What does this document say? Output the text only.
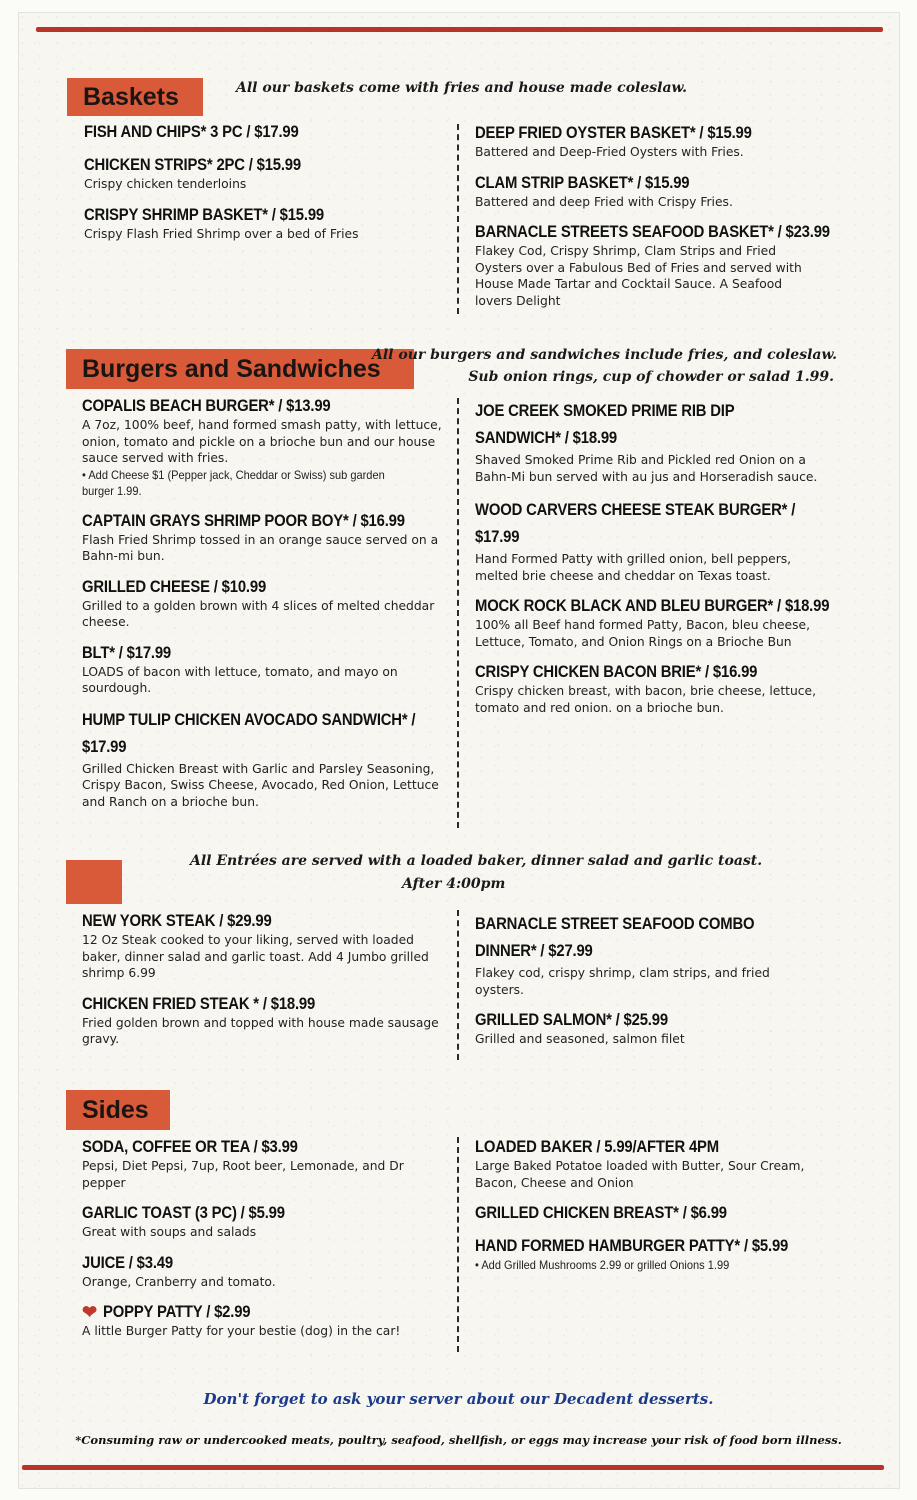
Baskets	All our baskets come with fries and house made coleslaw.
FISH AND CHIPS* 3 PC / $17.99
CHICKEN STRIPS* 2PC / $15.99
Crispy chicken tenderloins
CRISPY SHRIMP BASKET* / $15.99
Crispy Flash Fried Shrimp over a bed of Fries
DEEP FRIED OYSTER BASKET* / $15.99
Battered and Deep-Fried Oysters with Fries.
CLAM STRIP BASKET* / $15.99
Battered and deep Fried with Crispy Fries.
BARNACLE STREETS SEAFOOD BASKET* / $23.99
Flakey Cod, Crispy Shrimp, Clam Strips and Fried Oysters over a Fabulous Bed of Fries and served with House Made Tartar and Cocktail Sauce. A Seafood lovers Delight
Burgers and Sandwiches
All our burgers and sandwiches include fries, and coleslaw.
Sub onion rings, cup of chowder or salad 1.99.
COPALIS BEACH BURGER* / $13.99
A 7oz, 100% beef, hand formed smash patty, with lettuce, onion, tomato and pickle on a brioche bun and our house sauce served with fries.
• Add Cheese $1 (Pepper jack, Cheddar or Swiss) sub garden burger 1.99.
CAPTAIN GRAYS SHRIMP POOR BOY* / $16.99
Flash Fried Shrimp tossed in an orange sauce served on a Bahn-mi bun.
GRILLED CHEESE / $10.99
Grilled to a golden brown with 4 slices of melted cheddar cheese.
BLT* / $17.99
LOADS of bacon with lettuce, tomato, and mayo on sourdough.
HUMP TULIP CHICKEN AVOCADO SANDWICH* / $17.99
Grilled Chicken Breast with Garlic and Parsley Seasoning, Crispy Bacon, Swiss Cheese, Avocado, Red Onion, Lettuce and Ranch on a brioche bun.
JOE CREEK SMOKED PRIME RIB DIP SANDWICH* / $18.99
Shaved Smoked Prime Rib and Pickled red Onion on a Bahn-Mi bun served with au jus and Horseradish sauce.
WOOD CARVERS CHEESE STEAK BURGER* / $17.99
Hand Formed Patty with grilled onion, bell peppers, melted brie cheese and cheddar on Texas toast.
MOCK ROCK BLACK AND BLEU BURGER* / $18.99
100% all Beef hand formed Patty, Bacon, bleu cheese, Lettuce, Tomato, and Onion Rings on a Brioche Bun
CRISPY CHICKEN BACON BRIE* / $16.99
Crispy chicken breast, with bacon, brie cheese, lettuce, tomato and red onion. on a brioche bun.
All Entrées are served with a loaded baker, dinner salad and garlic toast.
After 4:00pm
NEW YORK STEAK / $29.99
12 Oz Steak cooked to your liking, served with loaded baker, dinner salad and garlic toast. Add 4 Jumbo grilled shrimp 6.99
CHICKEN FRIED STEAK * / $18.99
Fried golden brown and topped with house made sausage gravy.
BARNACLE STREET SEAFOOD COMBO DINNER* / $27.99
Flakey cod, crispy shrimp, clam strips, and fried oysters.
GRILLED SALMON* / $25.99
Grilled and seasoned, salmon filet
Sides
SODA, COFFEE OR TEA / $3.99
Pepsi, Diet Pepsi, 7up, Root beer, Lemonade, and Dr pepper
GARLIC TOAST (3 PC) / $5.99
Great with soups and salads
JUICE / $3.49
Orange, Cranberry and tomato.
❤ POPPY PATTY / $2.99
A little Burger Patty for your bestie (dog) in the car!
LOADED BAKER / 5.99/AFTER 4PM
Large Baked Potatoe loaded with Butter, Sour Cream, Bacon, Cheese and Onion
GRILLED CHICKEN BREAST* / $6.99
HAND FORMED HAMBURGER PATTY* / $5.99
• Add Grilled Mushrooms 2.99 or grilled Onions 1.99
Don't forget to ask your server about our Decadent desserts.
*Consuming raw or undercooked meats, poultry, seafood, shellfish, or eggs may increase your risk of food born illness.
